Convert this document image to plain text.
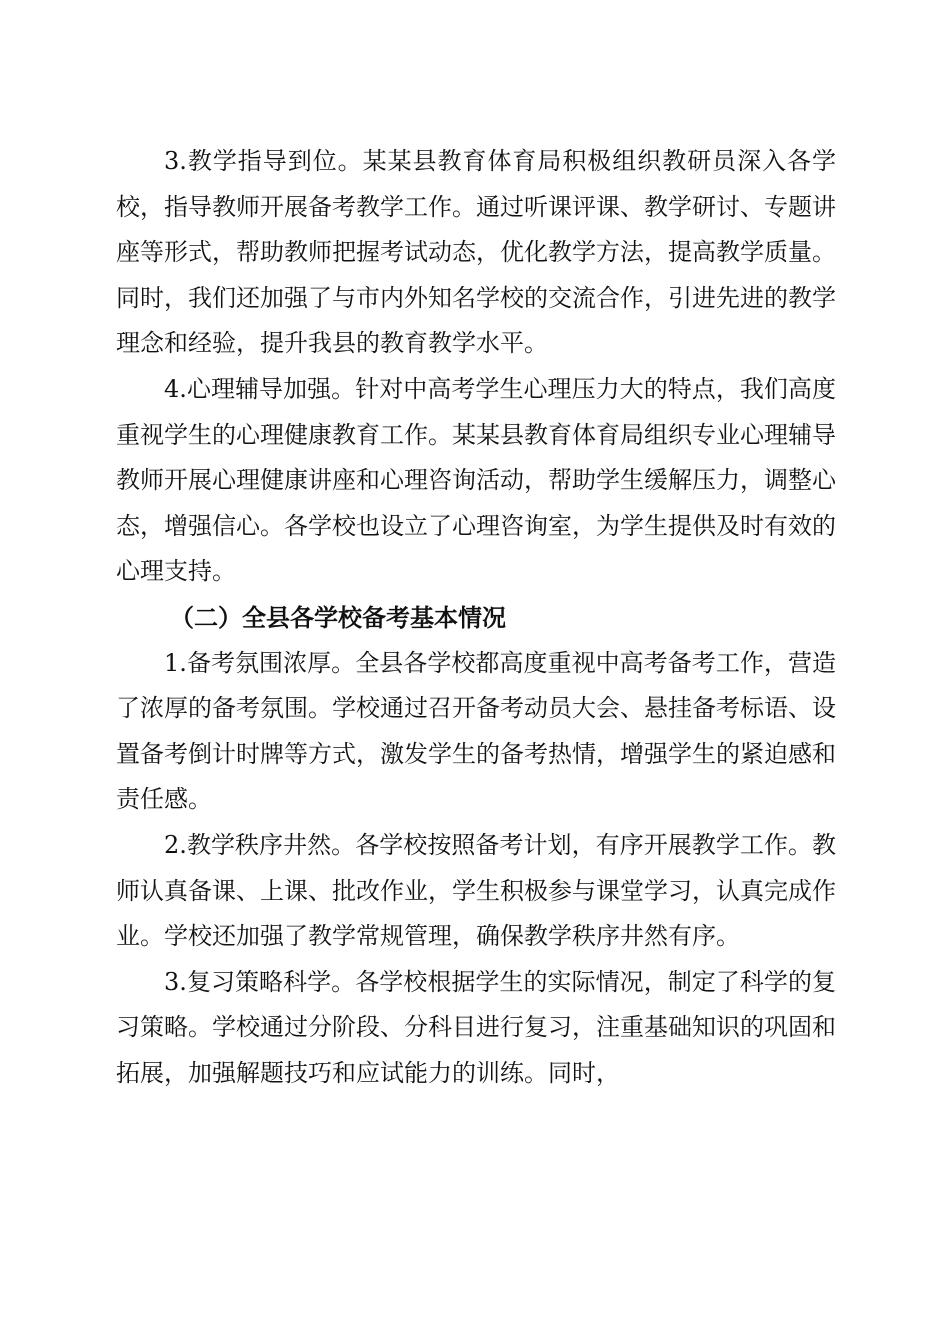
3.教学指导到位。某某县教育体育局积极组织教研员深入各学校，指导教师开展备考教学工作。通过听课评课、教学研讨、专题讲座等形式，帮助教师把握考试动态，优化教学方法，提高教学质量。同时，我们还加强了与市内外知名学校的交流合作，引进先进的教学理念和经验，提升我县的教育教学水平。

4.心理辅导加强。针对中高考学生心理压力大的特点，我们高度重视学生的心理健康教育工作。某某县教育体育局组织专业心理辅导教师开展心理健康讲座和心理咨询活动，帮助学生缓解压力，调整心态，增强信心。各学校也设立了心理咨询室，为学生提供及时有效的心理支持。

（二）全县各学校备考基本情况

1.备考氛围浓厚。全县各学校都高度重视中高考备考工作，营造了浓厚的备考氛围。学校通过召开备考动员大会、悬挂备考标语、设置备考倒计时牌等方式，激发学生的备考热情，增强学生的紧迫感和责任感。

2.教学秩序井然。各学校按照备考计划，有序开展教学工作。教师认真备课、上课、批改作业，学生积极参与课堂学习，认真完成作业。学校还加强了教学常规管理，确保教学秩序井然有序。

3.复习策略科学。各学校根据学生的实际情况，制定了科学的复习策略。学校通过分阶段、分科目进行复习，注重基础知识的巩固和拓展，加强解题技巧和应试能力的训练。同时，
